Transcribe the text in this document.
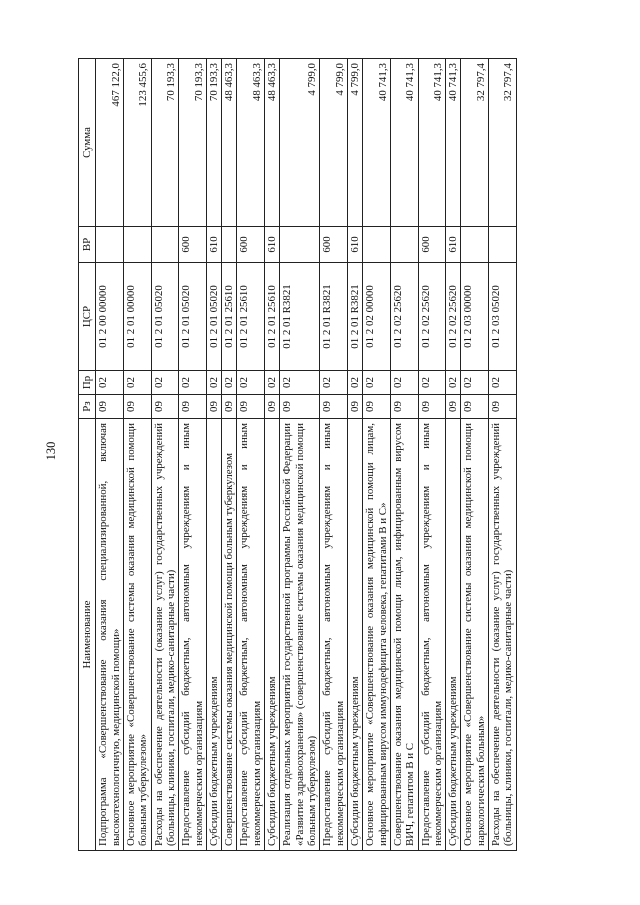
130
Наименование	Рз	Пр	ЦСР	ВР	Сумма
Подпрограмма «Совершенствование оказания специализированной, включая высокотехнологичную, медицинской помощи»	09	02	01 2 00 00000		467 122,0
Основное мероприятие «Совершенствование системы оказания медицинской помощи больным туберкулезом»	09	02	01 2 01 00000		123 455,6
Расходы на обеспечение деятельности (оказание услуг) государственных учреждений (больницы, клиники, госпитали, медико-санитарные части)	09	02	01 2 01 05020		70 193,3
Предоставление субсидий бюджетным, автономным учреждениям и иным некоммерческим организациям	09	02	01 2 01 05020	600	70 193,3
Субсидии бюджетным учреждениям	09	02	01 2 01 05020	610	70 193,3
Совершенствование системы оказания медицинской помощи больным туберкулезом	09	02	01 2 01 25610		48 463,3
Предоставление субсидий бюджетным, автономным учреждениям и иным некоммерческим организациям	09	02	01 2 01 25610	600	48 463,3
Субсидии бюджетным учреждениям	09	02	01 2 01 25610	610	48 463,3
Реализация отдельных мероприятий государственной программы Российской Федерации «Развитие здравоохранения» (совершенствование системы оказания медицинской помощи больным туберкулезом)	09	02	01 2 01 R3821		4 799,0
Предоставление субсидий бюджетным, автономным учреждениям и иным некоммерческим организациям	09	02	01 2 01 R3821	600	4 799,0
Субсидии бюджетным учреждениям	09	02	01 2 01 R3821	610	4 799,0
Основное мероприятие «Совершенствование оказания медицинской помощи лицам, инфицированным вирусом иммунодефицита человека, гепатитами В и С»	09	02	01 2 02 00000		40 741,3
Совершенствование оказания медицинской помощи лицам, инфицированным вирусом ВИЧ, гепатитом В и С	09	02	01 2 02 25620		40 741,3
Предоставление субсидий бюджетным, автономным учреждениям и иным некоммерческим организациям	09	02	01 2 02 25620	600	40 741,3
Субсидии бюджетным учреждениям	09	02	01 2 02 25620	610	40 741,3
Основное мероприятие «Совершенствование системы оказания медицинской помощи наркологическим больным»	09	02	01 2 03 00000		32 797,4
Расходы на обеспечение деятельности (оказание услуг) государственных учреждений (больницы, клиники, госпитали, медико-санитарные части)	09	02	01 2 03 05020		32 797,4
